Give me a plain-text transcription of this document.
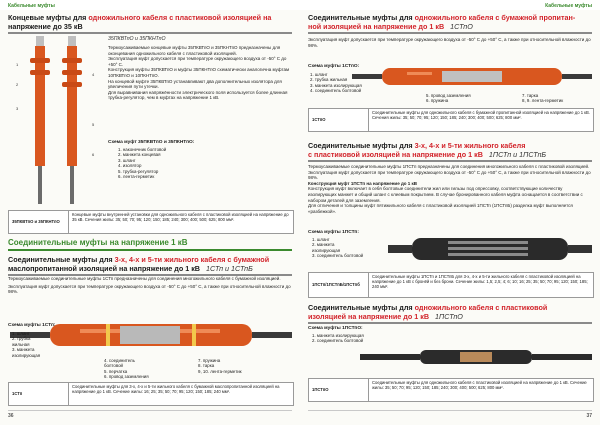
Кабельные муфты
Концевые муфты для одножильного кабеля с пластиковой изоляцией на
напряжение до 35 кВ
35ПКВТпО и 35ПКНТпО
1
2
3
4
5
6
Термоусаживаемые концевые муфты 35ПКВТпО и 35ПКНТпО предназначены для оконцевания одножильного кабеля с пластиковой изоляцией.
Эксплуатация муфт допускается при температуре окружающего воздуха от -50° С до +50° С.
Конструкция муфты 35ПКВТпО и муфты 35ПКНТпО схематически аналогична муфтам 10ПКВТпО и 10ПКНТпО.
На концевой муфте 35ПКВТпО устанавливают два дополнительных изолятора для увеличения пути утечки.
Для выравнивания напряжённости электрического поля используется более длинная трубка-регулятор, чем в муфтах на напряжение 1 кВ.
Схема муфт 35ПКВТпО и 35ПКНТпО:
1. наконечник болтовой
2. манжета концевая
3. шланг
4. изолятор
5. трубка-регулятор
6. лента-герметик
35ПКВТпО и 35ПКНТпО
Концевые муфты внутренней установки для одножильного кабеля с пластиковой изоляцией на напряжение до 35 кВ. Сечения жилы: 35; 50; 70; 95; 120; 150; 185; 240; 300; 400; 500; 625; 800 мм².
Соединительные муфты на напряжение 1 кВ
Соединительные муфты для 3-х, 4-х и 5-ти жильного кабеля с бумажной
маслопропитанной изоляцией на напряжение до 1 кВ 1СТп и 1СТпБ
Термоусаживаемые соединительные муфты 1СТп предназначены для соединения многожильного кабеля с бумажной изоляцией.
Эксплуатация муфт допускается при температуре окружающего воздуха от -50° С до +50° С, а также при относительной влажности до 98%.
Схема муфты 1СТп:
1. шланг
2. трубка
жильная
3. манжета
изолирующая
4. соединитель
болтовой
5. перчатка
6. провод заземления
7. пружина
8. тарка
9, 10. лента-герметик
1СТп
Соединительные муфты для 3-х, 4-х и 5-ти жильного кабеля с бумажной маслопропитанной изоляцией на напряжение до 1 кВ. Сечение жилы: 16; 25; 35; 50; 70; 95; 120; 150; 185; 240 мм².
36
Кабельные муфты
Соединительные муфты для одножильного кабеля с бумажной пропитан-
ной изоляцией на напряжение до 1 кВ 1СТпО
Эксплуатация муфт допускается при температуре окружающего воздуха от -50° С до +50° С, а также при относительной влажности до 98%.
Схема муфты 1СТпО:
1. шланг
2. трубка жильная
3. манжета изолирующая
4. соединитель болтовой
5. провод заземления
6. пружина
7. тарка
8, 9. лента-герметик
1СТпО
Соединительные муфты для одножильного кабеля с бумажной пропитанной изоляцией на напряжение до 1 кВ. Сечения жилы: 35; 50; 70; 95; 120; 150; 185; 240; 300; 400; 500; 625; 800 мм².
Соединительные муфты для 3-х, 4-х и 5-ти жильного кабеля
с пластиковой изоляцией на напряжение до 1 кВ 1ПСТп и 1ПСТпБ
Термоусаживаемые соединительные муфты 1ПСТп предназначены для соединения многожильного кабеля с пластиковой изоляцией. Эксплуатация муфт допускается при температуре окружающего воздуха от -50° С до +50° С, а также при относительной влажности до 98%.
Конструкция муфт 1ПСТп на напряжение до 1 кВ
Конструкция муфт включает в себя болтовые соединители жил или гильзы под опрессовку, соответствующие количеству изолирующих манжет и общий шланг с клеевым покрытием. В случае бронированного кабеля муфта оснащается в соответствии с набором деталей для заземления.
Для отличения и толщины муфт пятижильного кабеля с пластиковой изоляцией 1ПСТп (1ПСТпБ) разделка муфт выполняется «разбежкой».
Схема муфты 1ПСТп:
1. шланг
2. манжета
изолирующая
3. соединитель болтовой
1ПСТп/1ПСТпБ/1ПСТпб
Соединительные муфты 1ПСТп и 1ПСТпБ для 3-х, 4-х и 5-ти жильного кабеля с пластиковой изоляцией на напряжение до 1 кВ с бронёй и без брони. Сечение жилы: 1,5; 2,5; 4; 6; 10; 16; 25; 35; 50; 70; 95; 120; 150; 185; 240 мм².
Соединительные муфты для одножильного кабеля с пластиковой
изоляцией на напряжение до 1 кВ 1ПСТпО
Схема муфты 1ПСТпО:
1. манжета изолирующая
2. соединитель болтовой
1ПСТпО
Соединительные муфты для одножильного кабеля с пластиковой изоляцией на напряжение до 1 кВ. Сечение жилы: 35; 50; 70; 95; 120; 150; 185; 240; 300; 400; 500; 625; 800 мм².
37
